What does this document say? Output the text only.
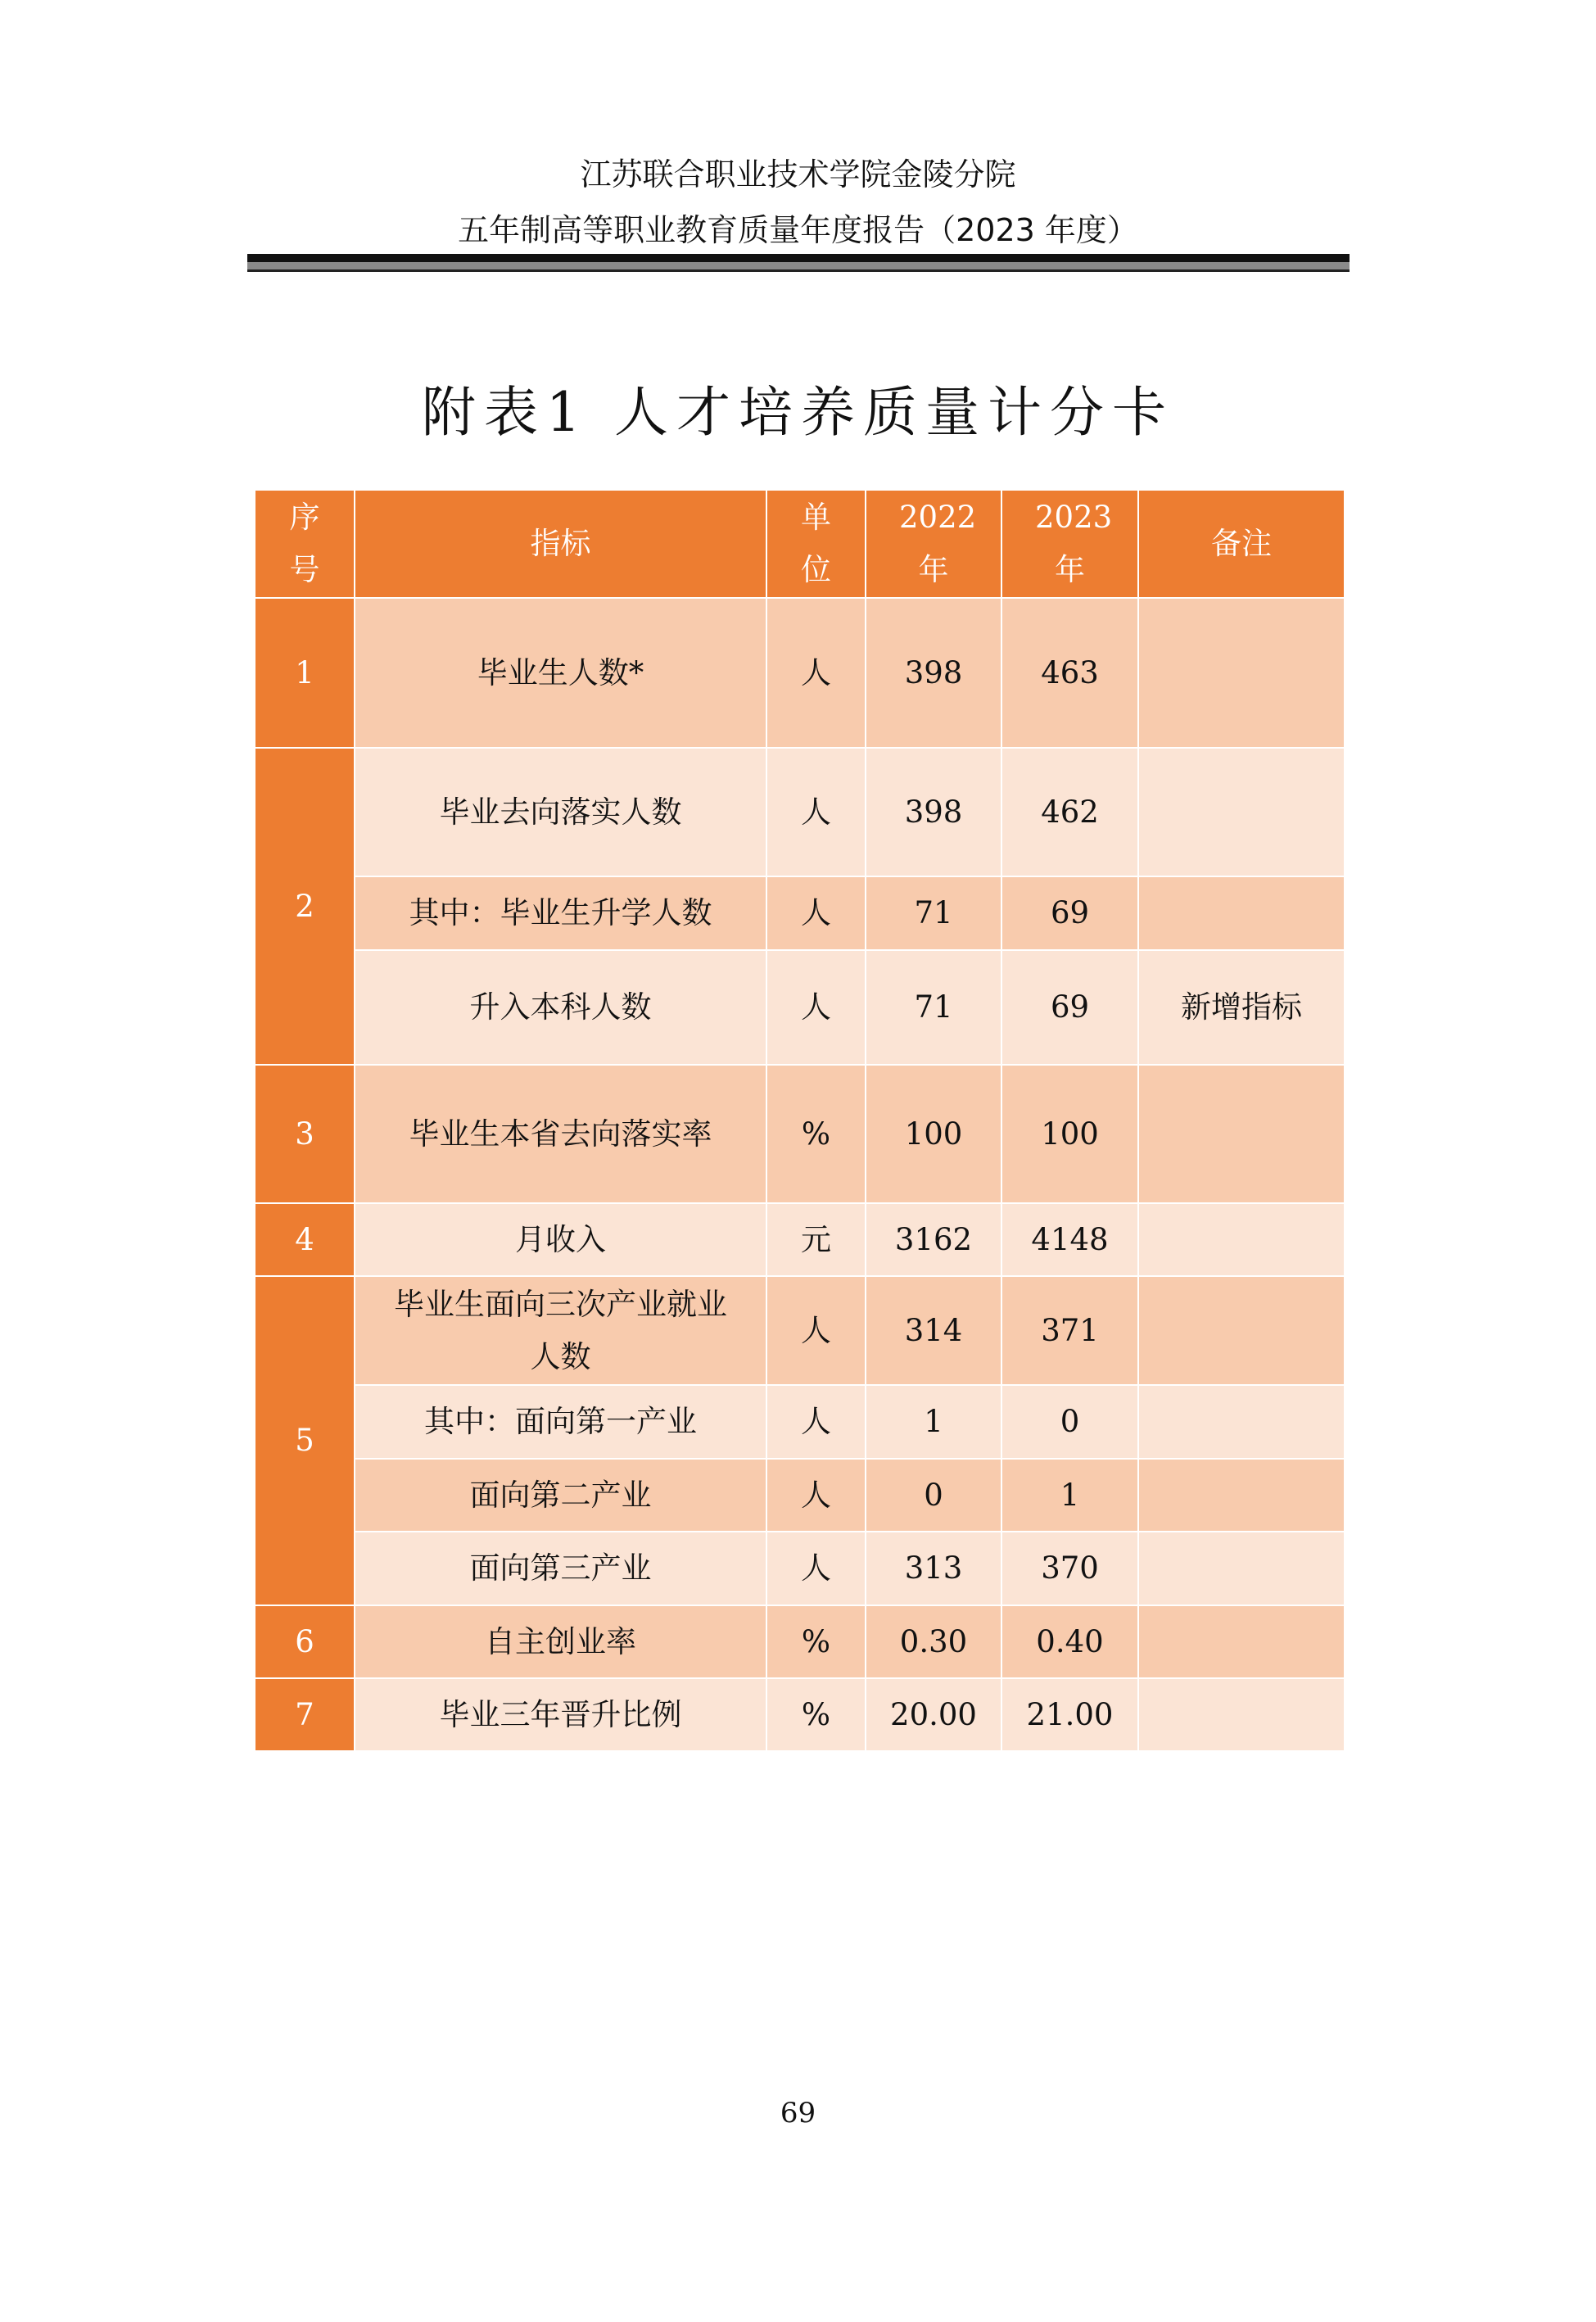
江苏联合职业技术学院金陵分院
五年制高等职业教育质量年度报告（2023 年度）
附表1 人才培养质量计分卡
序号	指标	单位	2022年	2023年	备注
1	毕业生人数*	人	398	463	
2	毕业去向落实人数	人	398	462	
	其中：毕业生升学人数	人	71	69	
	升入本科人数	人	71	69	新增指标
3	毕业生本省去向落实率	%	100	100	
4	月收入	元	3162	4148	
5	毕业生面向三次产业就业人数	人	314	371	
	其中：面向第一产业	人	1	0	
	面向第二产业	人	0	1	
	面向第三产业	人	313	370	
6	自主创业率	%	0.30	0.40	
7	毕业三年晋升比例	%	20.00	21.00	
69
